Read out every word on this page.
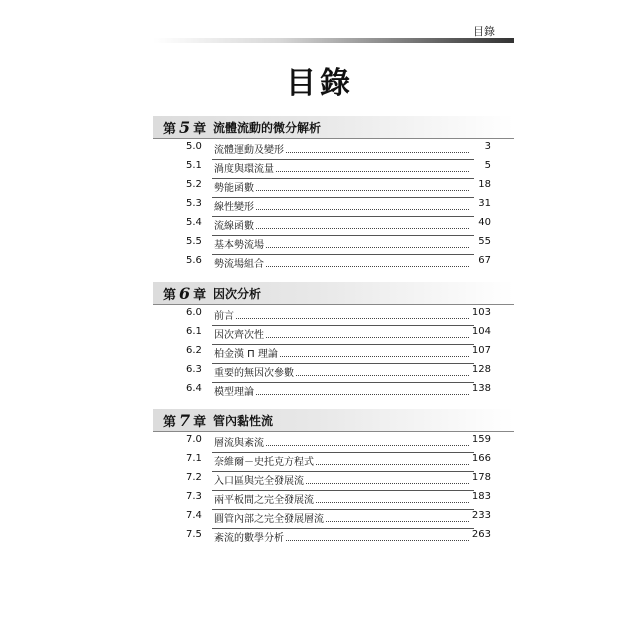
目錄
目錄
第 5 章 流體流動的微分解析
5.0	流體運動及變形	3
5.1	渦度與環流量	5
5.2	勢能函數	18
5.3	線性變形	31
5.4	流線函數	40
5.5	基本勢流場	55
5.6	勢流場組合	67
第 6 章 因次分析
6.0	前言	103
6.1	因次齊次性	104
6.2	柏金漢 Π 理論	107
6.3	重要的無因次參數	128
6.4	模型理論	138
第 7 章 管內黏性流
7.0	層流與紊流	159
7.1	奈維爾－史托克方程式	166
7.2	入口區與完全發展流	178
7.3	兩平板間之完全發展流	183
7.4	圓管內部之完全發展層流	233
7.5	紊流的數學分析	263
